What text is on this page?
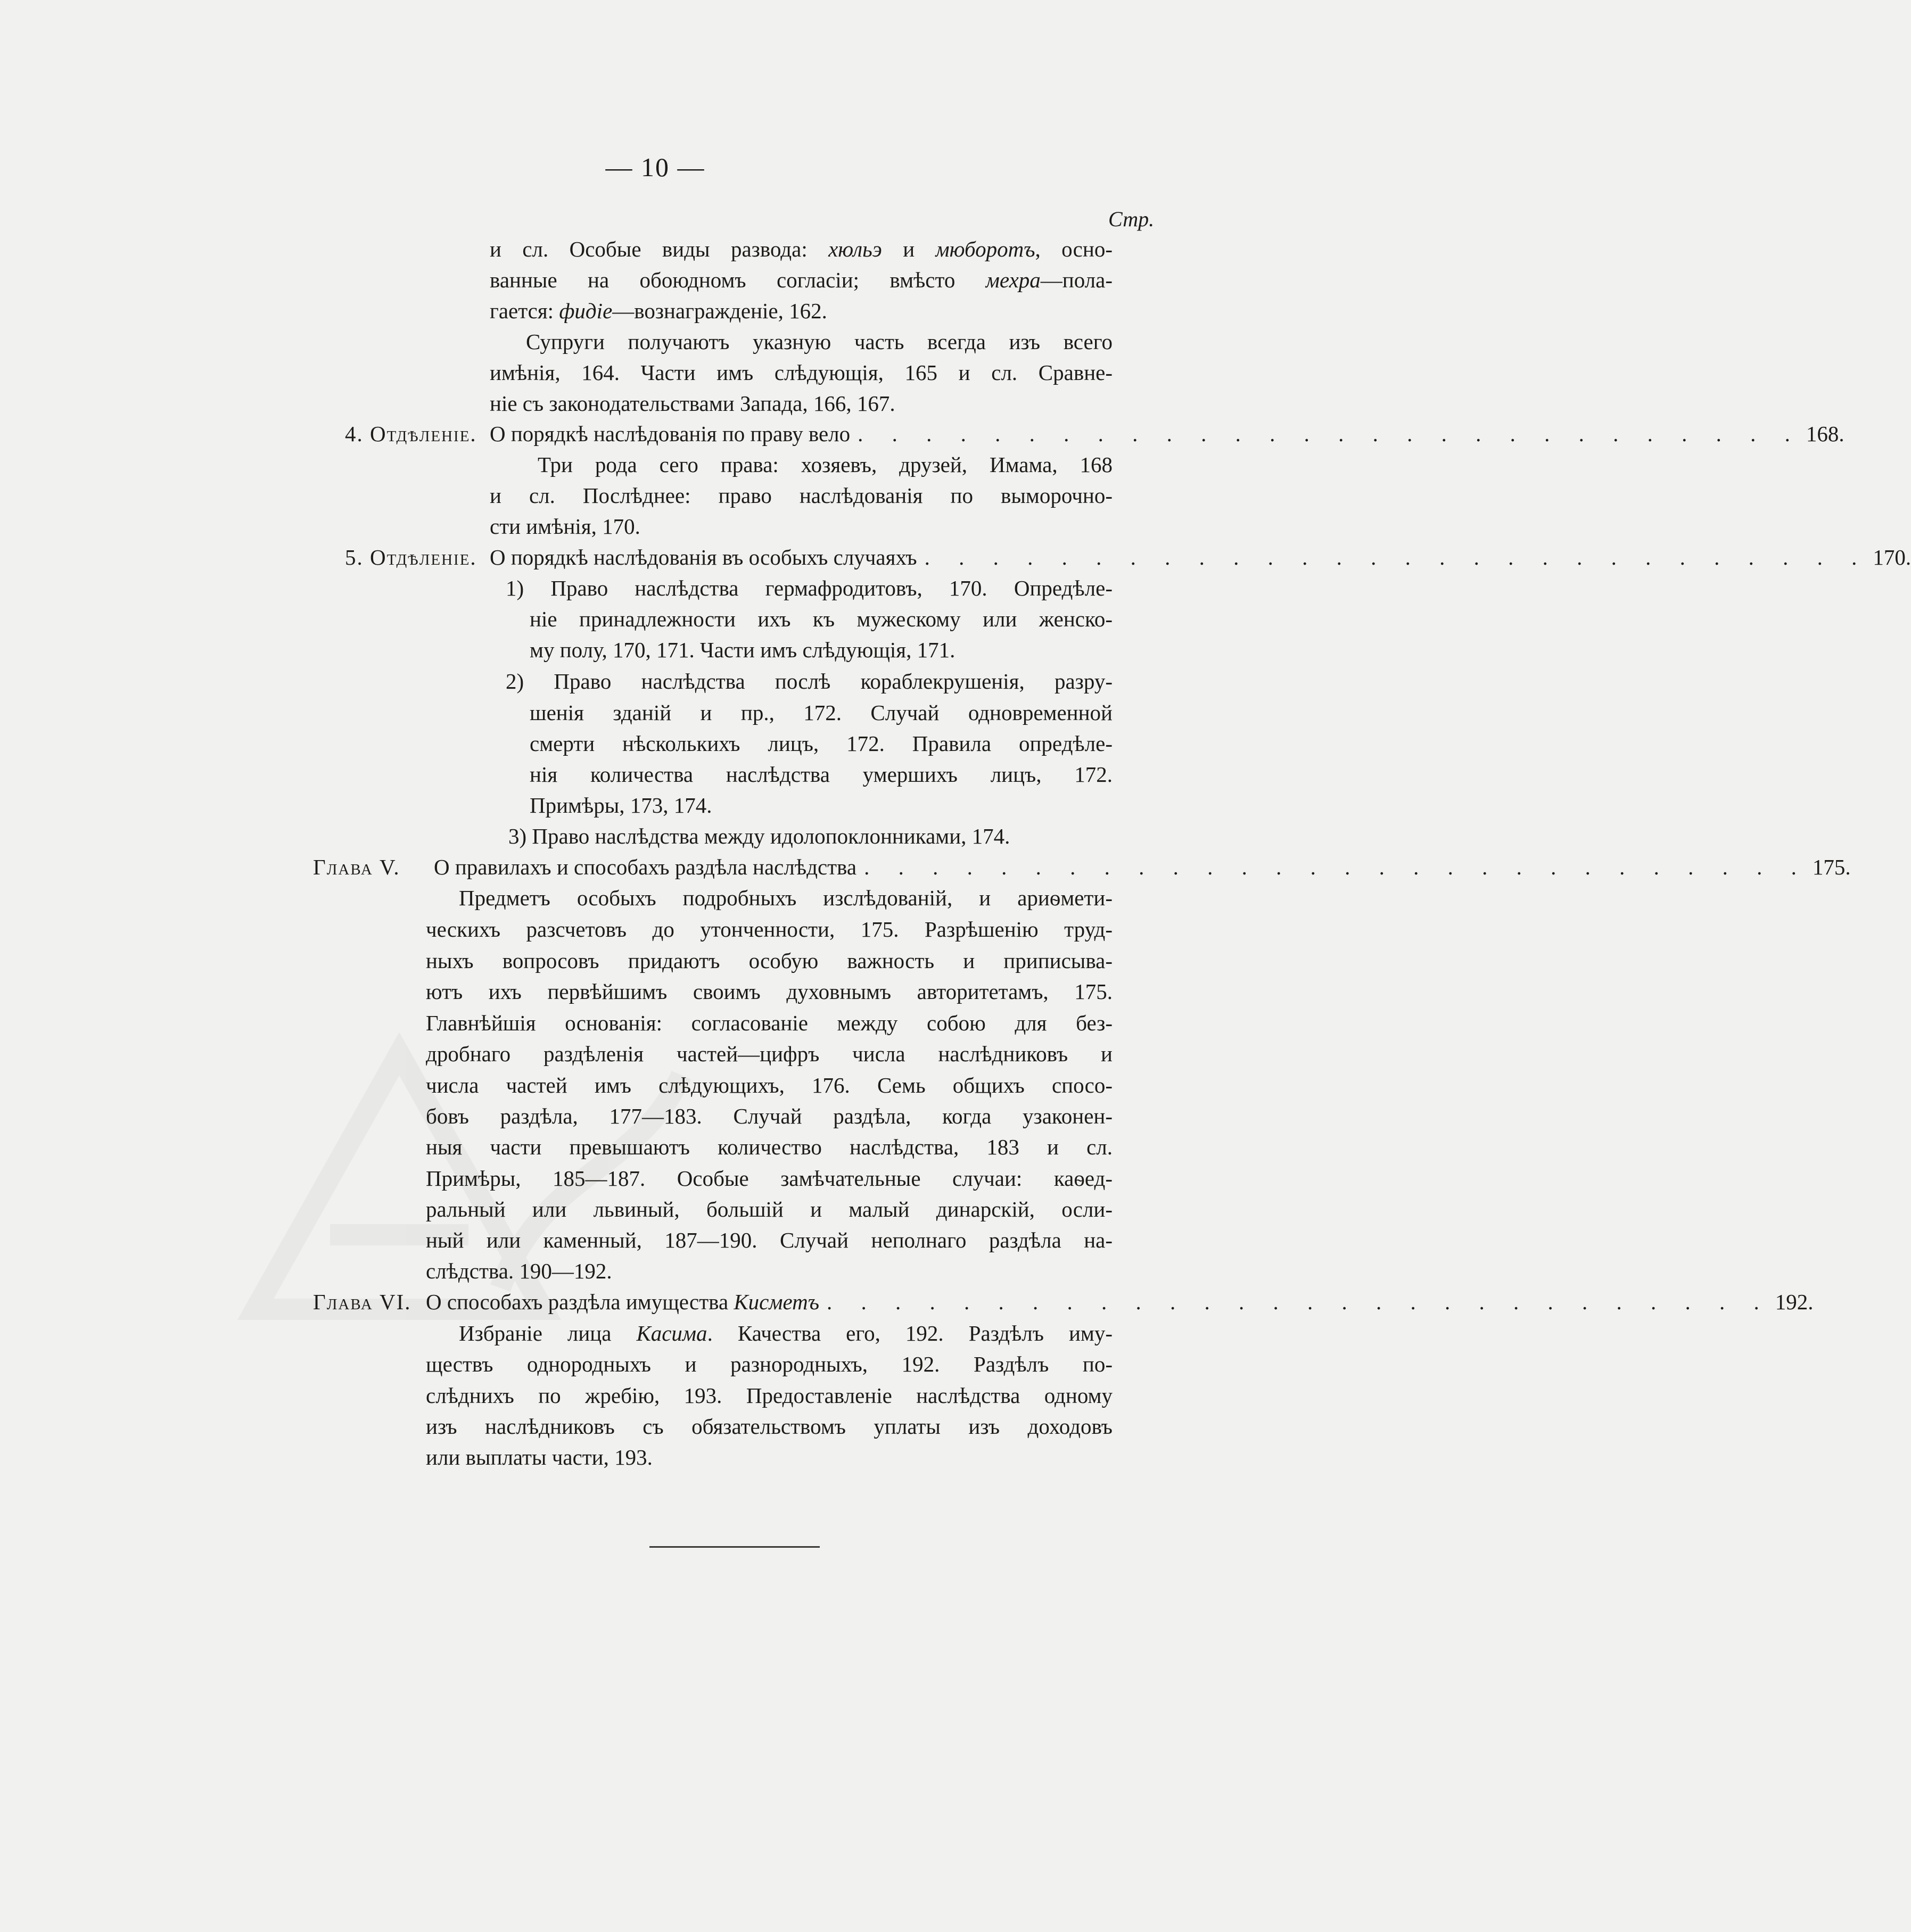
— 10 —
Стр.
и сл. Особые виды развода: хюльэ и мюборотъ, осно-
ванные на обоюдномъ согласіи; вмѣсто мехра—пола-
гается: фидіе—вознагражденіе, 162.
Супруги получаютъ указную часть всегда изъ всего
имѣнія, 164. Части имъ слѣдующія, 165 и сл. Сравне-
ніе съ законодательствами Запада, 166, 167.
4. Отдѣленіе. О порядкѣ наслѣдованія по праву вело . . . . . . . . . . . . . . . . . . . . . . . . . . . . 168.
Три рода сего права: хозяевъ, друзей, Имама, 168
и сл. Послѣднее: право наслѣдованія по выморочно-
сти имѣнія, 170.
5. Отдѣленіе. О порядкѣ наслѣдованія въ особыхъ случаяхъ . . . . . . . . . . . . . . . . . . . . . . . . . . . . 170.
1) Право наслѣдства гермафродитовъ, 170. Опредѣле-
ніе принадлежности ихъ къ мужескому или женско-
му полу, 170, 171. Части имъ слѣдующія, 171.
2) Право наслѣдства послѣ кораблекрушенія, разру-
шенія зданій и пр., 172. Случай одновременной
смерти нѣсколькихъ лицъ, 172. Правила опредѣле-
нія количества наслѣдства умершихъ лицъ, 172.
Примѣры, 173, 174.
3) Право наслѣдства между идолопоклонниками, 174.
Глава V. О правилахъ и способахъ раздѣла наслѣдства . . . . . . . . . . . . . . . . . . . . . . . . . . . . 175.
Предметъ особыхъ подробныхъ изслѣдованій, и ариѳмети-
ческихъ разсчетовъ до утонченности, 175. Разрѣшенію труд-
ныхъ вопросовъ придаютъ особую важность и приписыва-
ютъ ихъ первѣйшимъ своимъ духовнымъ авторитетамъ, 175.
Главнѣйшія основанія: согласованіе между собою для без-
дробнаго раздѣленія частей—цифръ числа наслѣдниковъ и
числа частей имъ слѣдующихъ, 176. Семь общихъ спосо-
бовъ раздѣла, 177—183. Случай раздѣла, когда узаконен-
ныя части превышаютъ количество наслѣдства, 183 и сл.
Примѣры, 185—187. Особые замѣчательные случаи: каѳед-
ральный или львиный, большій и малый динарскій, осли-
ный или каменный, 187—190. Случай неполнаго раздѣла на-
слѣдства. 190—192.
Глава VI. О способахъ раздѣла имущества Кисметъ . . . . . . . . . . . . . . . . . . . . . . . . . . . . 192.
Избраніе лица Касима. Качества его, 192. Раздѣлъ иму-
ществъ однородныхъ и разнородныхъ, 192. Раздѣлъ по-
слѣднихъ по жребію, 193. Предоставленіе наслѣдства одному
изъ наслѣдниковъ съ обязательствомъ уплаты изъ доходовъ
или выплаты части, 193.
